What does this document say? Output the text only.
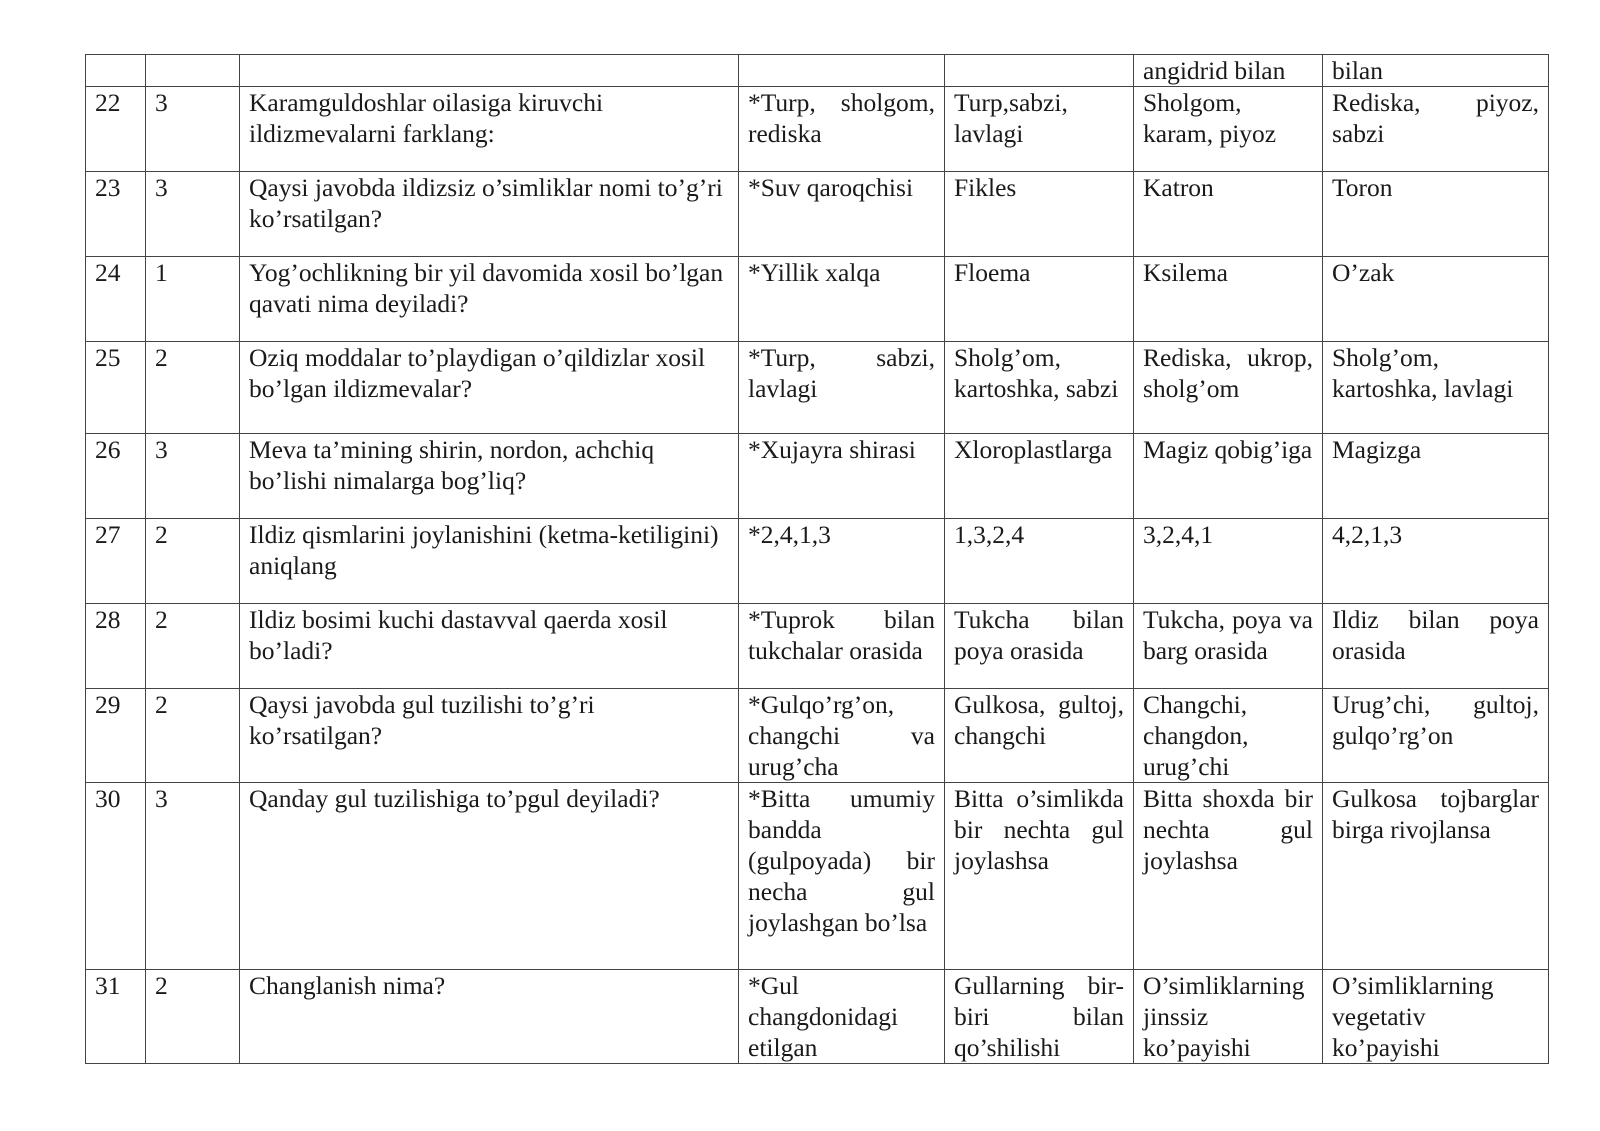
					angidrid bilan	bilan
22	3	Karamguldoshlar oilasiga kiruvchi ildizmevalarni farklang:	*Turp, sholgom, rediska	Turp,sabzi, lavlagi	Sholgom, karam, piyoz	Rediska, piyoz, sabzi
23	3	Qaysi javobda ildizsiz o’simliklar nomi to’g’ri ko’rsatilgan?	*Suv qaroqchisi	Fikles	Katron	Toron
24	1	Yog’ochlikning bir yil davomida xosil bo’lgan qavati nima deyiladi?	*Yillik xalqa	Floema	Ksilema	O’zak
25	2	Oziq moddalar to’playdigan o’qildizlar xosil bo’lgan ildizmevalar?	*Turp, sabzi, lavlagi	Sholg’om, kartoshka, sabzi	Rediska, ukrop, sholg’om	Sholg’om, kartoshka, lavlagi
26	3	Meva ta’mining shirin, nordon, achchiq bo’lishi nimalarga bog’liq?	*Xujayra shirasi	Xloroplastlarga	Magiz qobig’iga	Magizga
27	2	Ildiz qismlarini joylanishini (ketma-ketiligini) aniqlang	*2,4,1,3	1,3,2,4	3,2,4,1	4,2,1,3
28	2	Ildiz bosimi kuchi dastavval qaerda xosil bo’ladi?	*Tuprok bilan tukchalar orasida	Tukcha bilan poya orasida	Tukcha, poya va barg orasida	Ildiz bilan poya orasida
29	2	Qaysi javobda gul tuzilishi to’g’ri ko’rsatilgan?	*Gulqo’rg’on, changchi va urug’cha	Gulkosa, gultoj, changchi	Changchi, changdon, urug’chi	Urug’chi, gultoj, gulqo’rg’on
30	3	Qanday gul tuzilishiga to’pgul deyiladi?	*Bitta umumiy bandda (gulpoyada) bir necha gul joylashgan bo’lsa	Bitta o’simlikda bir nechta gul joylashsa	Bitta shoxda bir nechta gul joylashsa	Gulkosa tojbarglar birga rivojlansa
31	2	Changlanish nima?	*Gul changdonidagi etilgan	Gullarning bir-biri bilan qo’shilishi	O’simliklarning jinssiz ko’payishi	O’simliklarning vegetativ ko’payishi
